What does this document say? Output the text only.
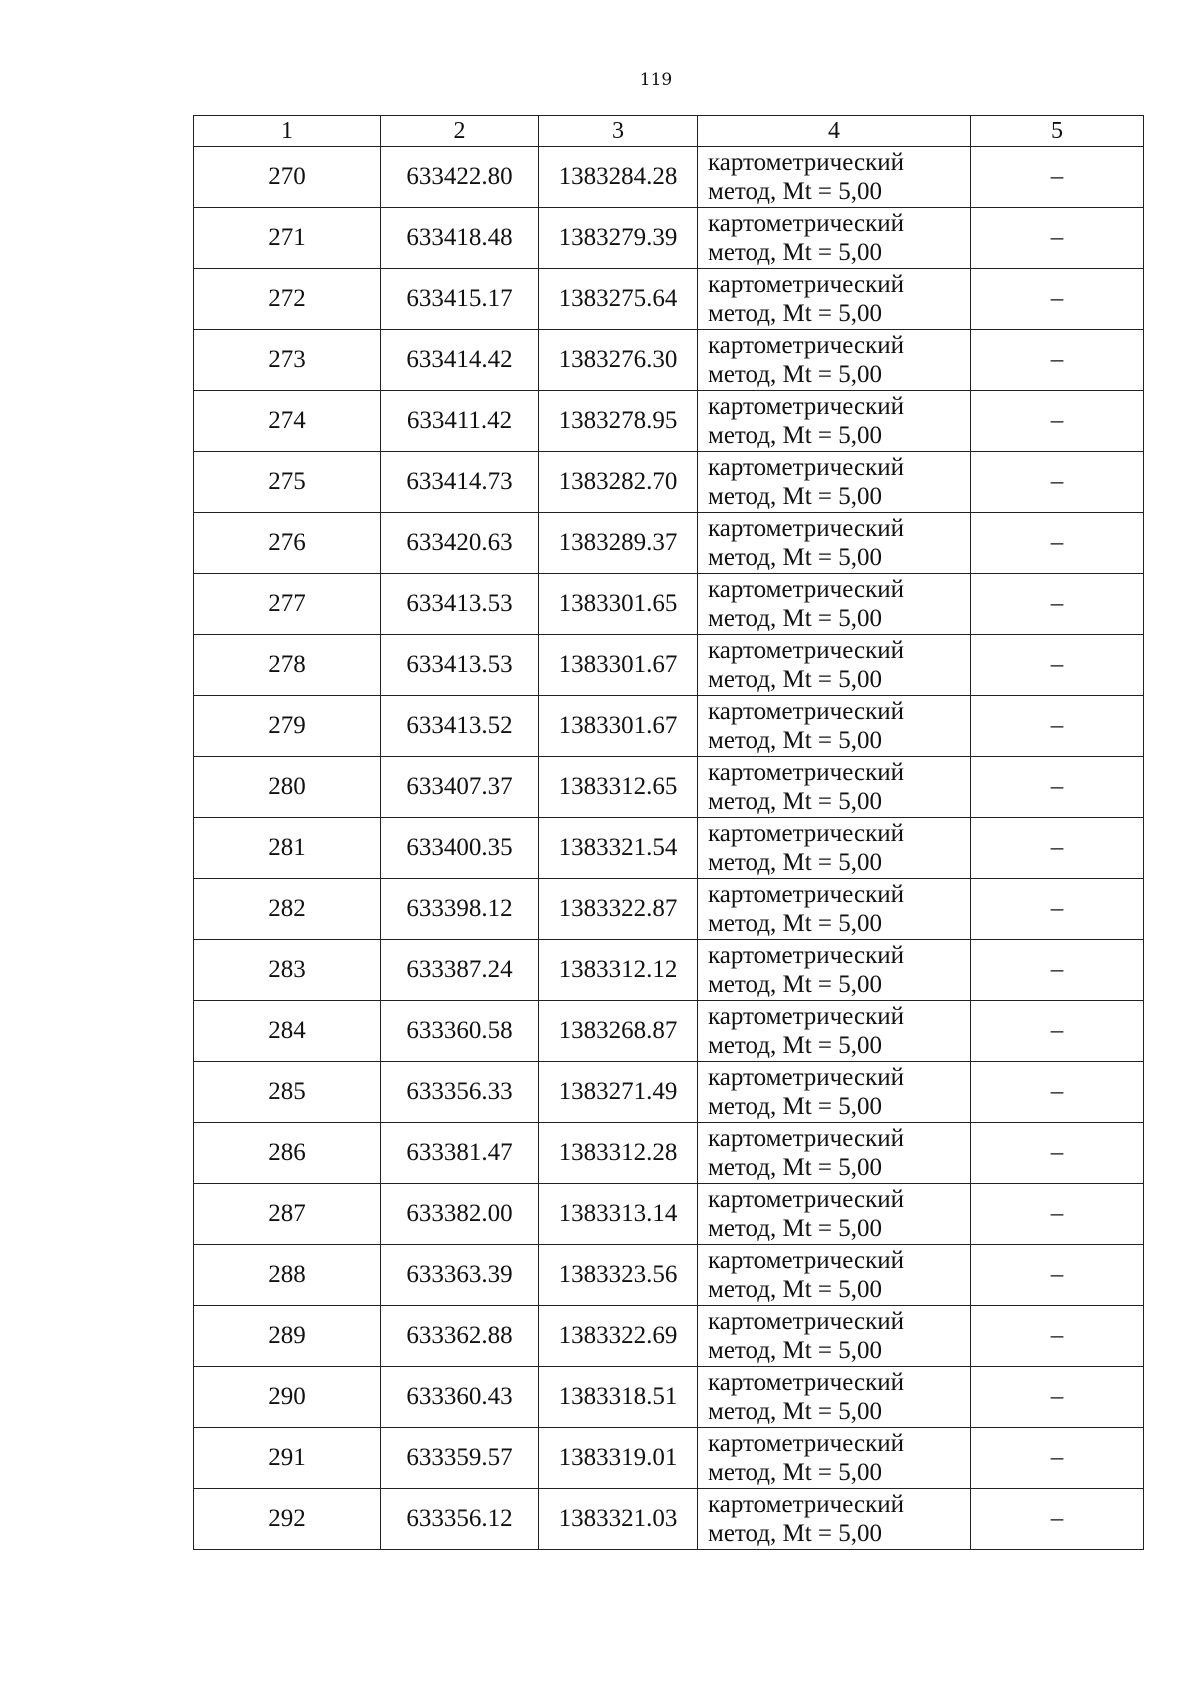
119
1	2	3	4	5
270	633422.80	1383284.28	картометрический
метод, Mt = 5,00	–
271	633418.48	1383279.39	картометрический
метод, Mt = 5,00	–
272	633415.17	1383275.64	картометрический
метод, Mt = 5,00	–
273	633414.42	1383276.30	картометрический
метод, Mt = 5,00	–
274	633411.42	1383278.95	картометрический
метод, Mt = 5,00	–
275	633414.73	1383282.70	картометрический
метод, Mt = 5,00	–
276	633420.63	1383289.37	картометрический
метод, Mt = 5,00	–
277	633413.53	1383301.65	картометрический
метод, Mt = 5,00	–
278	633413.53	1383301.67	картометрический
метод, Mt = 5,00	–
279	633413.52	1383301.67	картометрический
метод, Mt = 5,00	–
280	633407.37	1383312.65	картометрический
метод, Mt = 5,00	–
281	633400.35	1383321.54	картометрический
метод, Mt = 5,00	–
282	633398.12	1383322.87	картометрический
метод, Mt = 5,00	–
283	633387.24	1383312.12	картометрический
метод, Mt = 5,00	–
284	633360.58	1383268.87	картометрический
метод, Mt = 5,00	–
285	633356.33	1383271.49	картометрический
метод, Mt = 5,00	–
286	633381.47	1383312.28	картометрический
метод, Mt = 5,00	–
287	633382.00	1383313.14	картометрический
метод, Mt = 5,00	–
288	633363.39	1383323.56	картометрический
метод, Mt = 5,00	–
289	633362.88	1383322.69	картометрический
метод, Mt = 5,00	–
290	633360.43	1383318.51	картометрический
метод, Mt = 5,00	–
291	633359.57	1383319.01	картометрический
метод, Mt = 5,00	–
292	633356.12	1383321.03	картометрический
метод, Mt = 5,00	–
